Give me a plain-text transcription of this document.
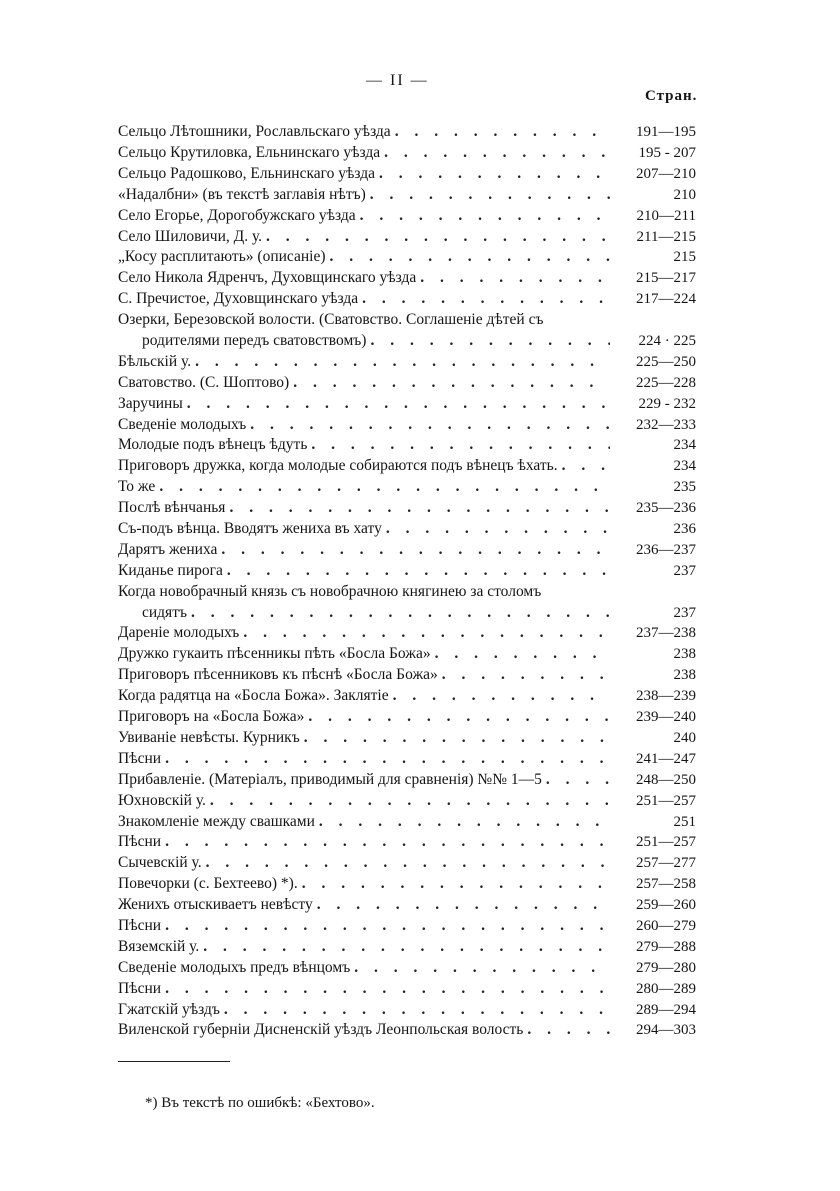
— II —
Стран.
Сельцо Лѣтошники, Рославльскаго уѣзда . . .	191—195
Сельцо Крутиловка, Ельнинскаго уѣзда . . .	195 - 207
Сельцо Радошково, Ельнинскаго уѣзда . . .	207—210
«Надалбни» (въ текстѣ заглавія нѣтъ) . . .	210
Село Егорье, Дорогобужскаго уѣзда . . .	210—211
Село Шиловичи, Д. у. . . .	211—215
„Косу расплитають» (описаніе) . . .	215
Село Никола Ядренчъ, Духовщинскаго уѣзда . . .	215—217
С. Пречистое, Духовщинскаго уѣзда . . .	217—224
Озерки, Березовской волости. (Сватовство. Соглашеніе дѣтей съ
родителями передъ сватовствомъ) . . .	224 · 225
Бѣльскій у. . . .	225—250
Сватовство. (С. Шоптово) . . .	225—228
Заручины . . .	229 - 232
Сведеніе молодыхъ . . .	232—233
Молодые подъ вѣнецъ ѣдуть . . .	234
Приговоръ дружка, когда молодые собираются подъ вѣнецъ ѣхать. . . .	234
То же . . .	235
Послѣ вѣнчанья . . .	235—236
Съ-подъ вѣнца. Вводятъ жениха въ хату . . .	236
Дарятъ жениха . . .	236—237
Киданье пирога . . .	237
Когда новобрачный князь съ новобрачною княгинею за столомъ
сидятъ . . .	237
Дареніе молодыхъ . . .	237—238
Дружко гукаить пѣсенникы пѣть «Босла Божа» . . .	238
Приговоръ пѣсенниковъ къ пѣснѣ «Босла Божа» . . .	238
Когда радятца на «Босла Божа». Заклятіе . . .	238—239
Приговоръ на «Босла Божа» . . .	239—240
Увиваніе невѣсты. Курникъ . . .	240
Пѣсни . . .	241—247
Прибавленіе. (Матеріалъ, приводимый для сравненія) №№ 1—5 . . .	248—250
Юхновскій у. . . .	251—257
Знакомленіе между свашками . . .	251
Пѣсни . . .	251—257
Сычевскій у. . . .	257—277
Повечорки (с. Бехтеево) *). . . .	257—258
Женихъ отыскиваетъ невѣсту . . .	259—260
Пѣсни . . .	260—279
Вяземскій у. . . .	279—288
Сведеніе молодыхъ предъ вѣнцомъ . . .	279—280
Пѣсни . . .	280—289
Гжатскій уѣздъ . . .	289—294
Виленской губерніи Дисненскій уѣздъ Леонпольская волость . . .	294—303
*) Въ текстѣ по ошибкѣ: «Бехтово».
